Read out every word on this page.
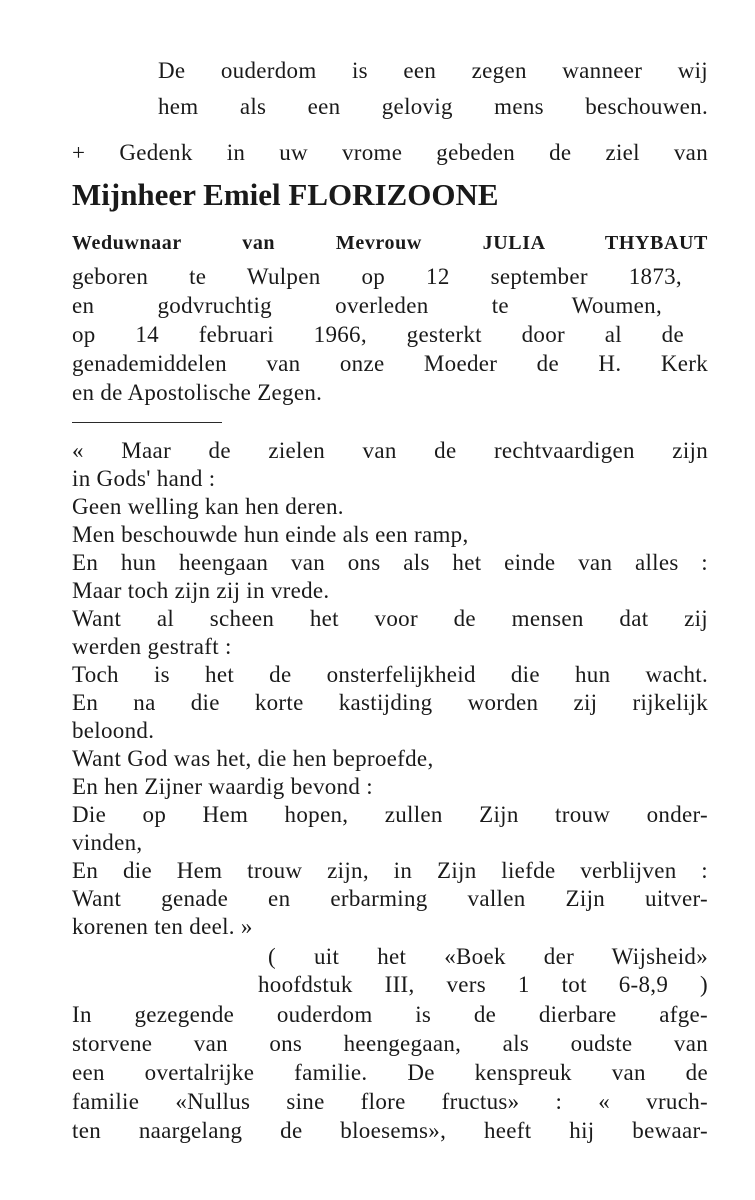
De ouderdom is een zegen wanneer wij

hem als een gelovig mens beschouwen.

+ Gedenk in uw vrome gebeden de ziel van

Mijnheer Emiel FLORIZOONE
Weduwnaar van Mevrouw JULIA THYBAUT

geboren te Wulpen op 12 september 1873,

en godvruchtig overleden te Woumen,

op 14 februari 1966, gesterkt door al de

genademiddelen van onze Moeder de H. Kerk

en de Apostolische Zegen.

« Maar de zielen van de rechtvaardigen zijn

in Gods' hand :

Geen welling kan hen deren.

Men beschouwde hun einde als een ramp,

En hun heengaan van ons als het einde van alles :

Maar toch zijn zij in vrede.

Want al scheen het voor de mensen dat zij

werden gestraft :

Toch is het de onsterfelijkheid die hun wacht.

En na die korte kastijding worden zij rijkelijk

beloond.

Want God was het, die hen beproefde,

En hen Zijner waardig bevond :

Die op Hem hopen, zullen Zijn trouw onder-

vinden,

En die Hem trouw zijn, in Zijn liefde verblijven :

Want genade en erbarming vallen Zijn uitver-

korenen ten deel. »

( uit het «Boek der Wijsheid»

hoofdstuk III, vers 1 tot 6-8,9 )

In gezegende ouderdom is de dierbare afge-

storvene van ons heengegaan, als oudste van

een overtalrijke familie. De kenspreuk van de

familie «Nullus sine flore fructus» : « vruch-

ten naargelang de bloesems», heeft hij bewaar-
